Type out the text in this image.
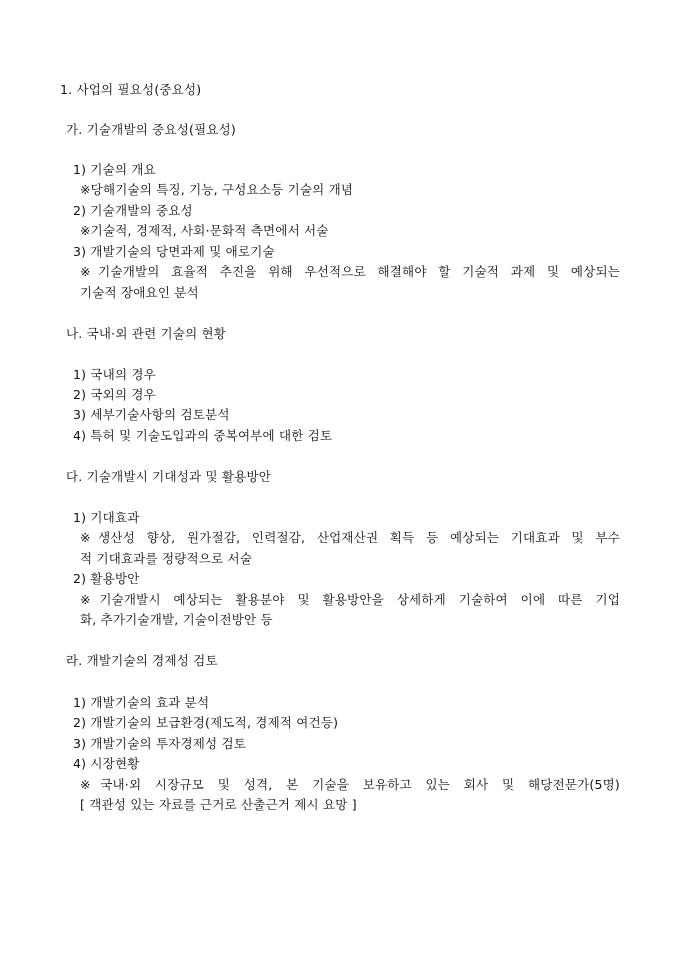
1. 사업의 필요성(중요성)

가. 기술개발의 중요성(필요성)

1) 기술의 개요

※당해기술의 특징, 기능, 구성요소등 기술의 개념

2) 기술개발의 중요성

※기술적, 경제적, 사회·문화적 측면에서 서술

3) 개발기술의 당면과제 및 애로기술

※기술개발의 효율적 추진을 위해 우선적으로 해결해야 할 기술적 과제 및 예상되는

기술적 장애요인 분석

나. 국내·외 관련 기술의 현황

1) 국내의 경우

2) 국외의 경우

3) 세부기술사항의 검토분석

4) 특허 및 기술도입과의 중복여부에 대한 검토

다. 기술개발시 기대성과 및 활용방안

1) 기대효과

※생산성 향상, 원가절감, 인력절감, 산업재산권 획득 등 예상되는 기대효과 및 부수

적 기대효과를 정량적으로 서술

2) 활용방안

※기술개발시 예상되는 활용분야 및 활용방안을 상세하게 기술하여 이에 따른 기업

화, 추가기술개발, 기술이전방안 등

라. 개발기술의 경제성 검토

1) 개발기술의 효과 분석

2) 개발기술의 보급환경(제도적, 경제적 여건등)

3) 개발기술의 투자경제성 검토

4) 시장현황

※국내·외 시장규모 및 성격, 본 기술을 보유하고 있는 회사 및 해당전문가(5명)

[ 객관성 있는 자료를 근거로 산출근거 제시 요망 ]
